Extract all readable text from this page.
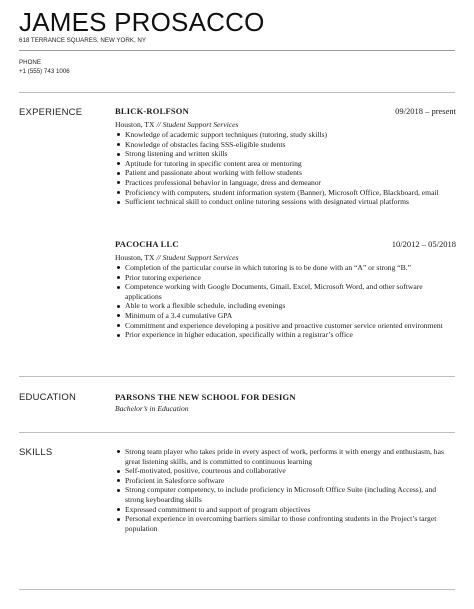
JAMES PROSACCO
618 TERRANCE SQUARES, NEW YORK, NY
PHONE
+1 (555) 743 1006
EXPERIENCE	BLICK-ROLFSON	09/2018 – present
Houston, TX // Student Support Services
Knowledge of academic support techniques (tutoring, study skills)
Knowledge of obstacles facing SSS-eligible students
Strong listening and written skills
Aptitude for tutoring in specific content area or mentoring
Patient and passionate about working with fellow students
Practices professional behavior in language, dress and demeanor
Proficiency with computers, student information system (Banner), Microsoft Office, Blackboard, email
Sufficient technical skill to conduct online tutoring sessions with designated virtual platforms
PACOCHA LLC	10/2012 – 05/2018
Houston, TX // Student Support Services
Completion of the particular course in which tutoring is to be done with an “A” or strong “B.”
Prior tutoring experience
Competence working with Google Documents, Gmail, Excel, Microsoft Word, and other software applications
Able to work a flexible schedule, including evenings
Minimum of a 3.4 cumulative GPA
Commitment and experience developing a positive and proactive customer service oriented environment
Prior experience in higher education, specifically within a registrar’s office
EDUCATION	PARSONS THE NEW SCHOOL FOR DESIGN
Bachelor’s in Education
SKILLS	Strong team player who takes pride in every aspect of work, performs it with energy and enthusiasm, has great listening skills, and is committed to continuous learning
Self-motivated, positive, courteous and collaborative
Proficient in Salesforce software
Strong computer competency, to include proficiency in Microsoft Office Suite (including Access), and strong keyboarding skills
Expressed commitment to and support of program objectives
Personal experience in overcoming barriers similar to those confronting students in the Project’s target population
